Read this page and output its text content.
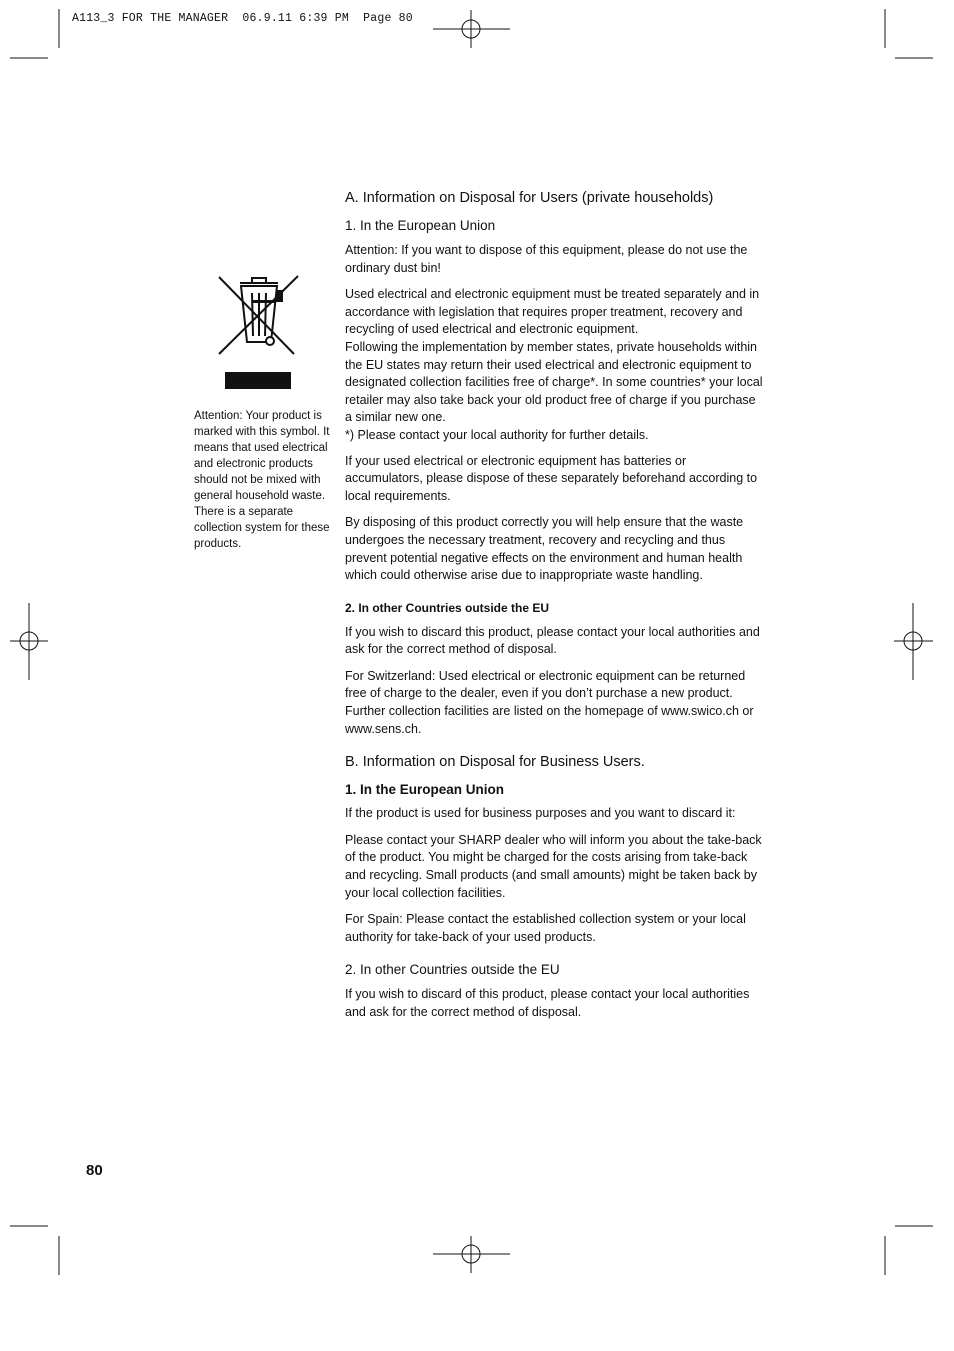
A113_3 FOR THE MANAGER  06.9.11 6:39 PM  Page 80
Attention: Your product is marked with this symbol. It means that used electrical and electronic products should not be mixed with general household waste. There is a separate collection system for these products.
A. Information on Disposal for Users (private households)
1. In the European Union

Attention: If you want to dispose of this equipment, please do not use the ordinary dust bin!

Used electrical and electronic equipment must be treated separately and in accordance with legislation that requires proper treatment, recovery and recycling of used electrical and electronic equipment.
Following the implementation by member states, private households within the EU states may return their used electrical and electronic equipment to designated collection facilities free of charge*. In some countries* your local retailer may also take back your old product free of charge if you purchase a similar new one.
*) Please contact your local authority for further details.

If your used electrical or electronic equipment has batteries or accumulators, please dispose of these separately beforehand according to local requirements.

By disposing of this product correctly you will help ensure that the waste undergoes the necessary treatment, recovery and recycling and thus prevent potential negative effects on the environment and human health which could otherwise arise due to inappropriate waste handling.

2. In other Countries outside the EU

If you wish to discard this product, please contact your local authorities and ask for the correct method of disposal.

For Switzerland: Used electrical or electronic equipment can be returned free of charge to the dealer, even if you don’t purchase a new product. Further collection facilities are listed on the homepage of www.swico.ch or www.sens.ch.

B. Information on Disposal for Business Users.
1. In the European Union

If the product is used for business purposes and you want to discard it:

Please contact your SHARP dealer who will inform you about the take-back of the product. You might be charged for the costs arising from take-back and recycling. Small products (and small amounts) might be taken back by your local collection facilities.

For Spain: Please contact the established collection system or your local authority for take-back of your used products.

2. In other Countries outside the EU

If you wish to discard of this product, please contact your local authorities and ask for the correct method of disposal.

80
